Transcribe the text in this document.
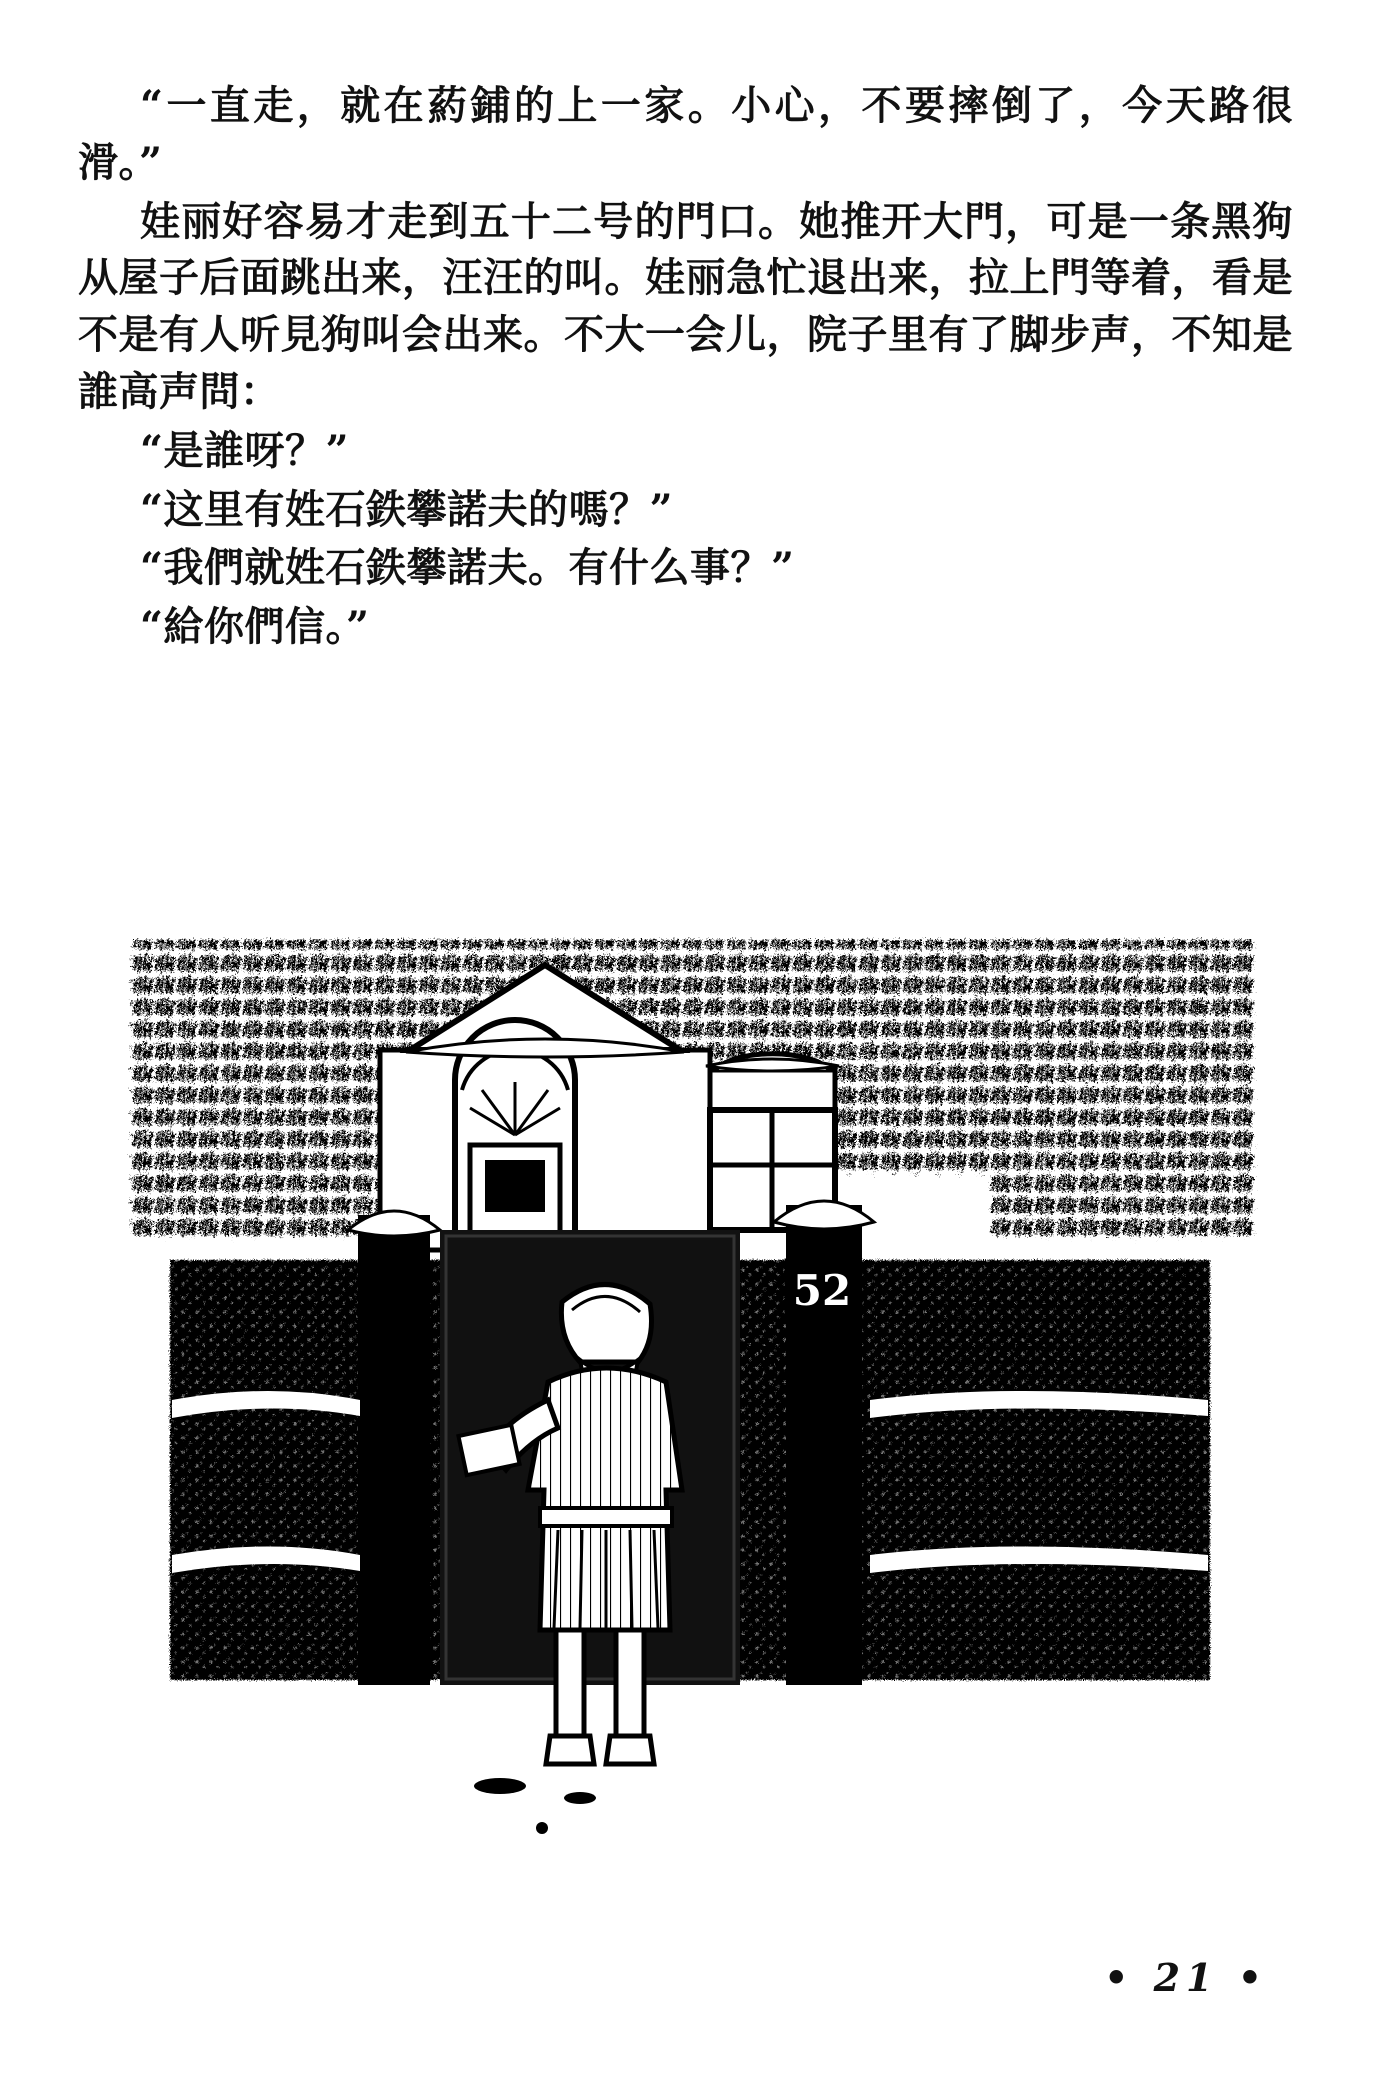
“一直走，就在葯鋪的上一家。小心，不要摔倒了，今天路很滑。”

娃丽好容易才走到五十二号的門口。她推开大門，可是一条黑狗从屋子后面跳出来，汪汪的叫。娃丽急忙退出来，拉上門等着，看是不是有人听見狗叫会出来。不大一会儿，院子里有了脚步声，不知是誰高声問：

“是誰呀？”

“这里有姓石鉄攀諾夫的嗎？”

“我們就姓石鉄攀諾夫。有什么事？”

“給你們信。”

52
• 21 •
